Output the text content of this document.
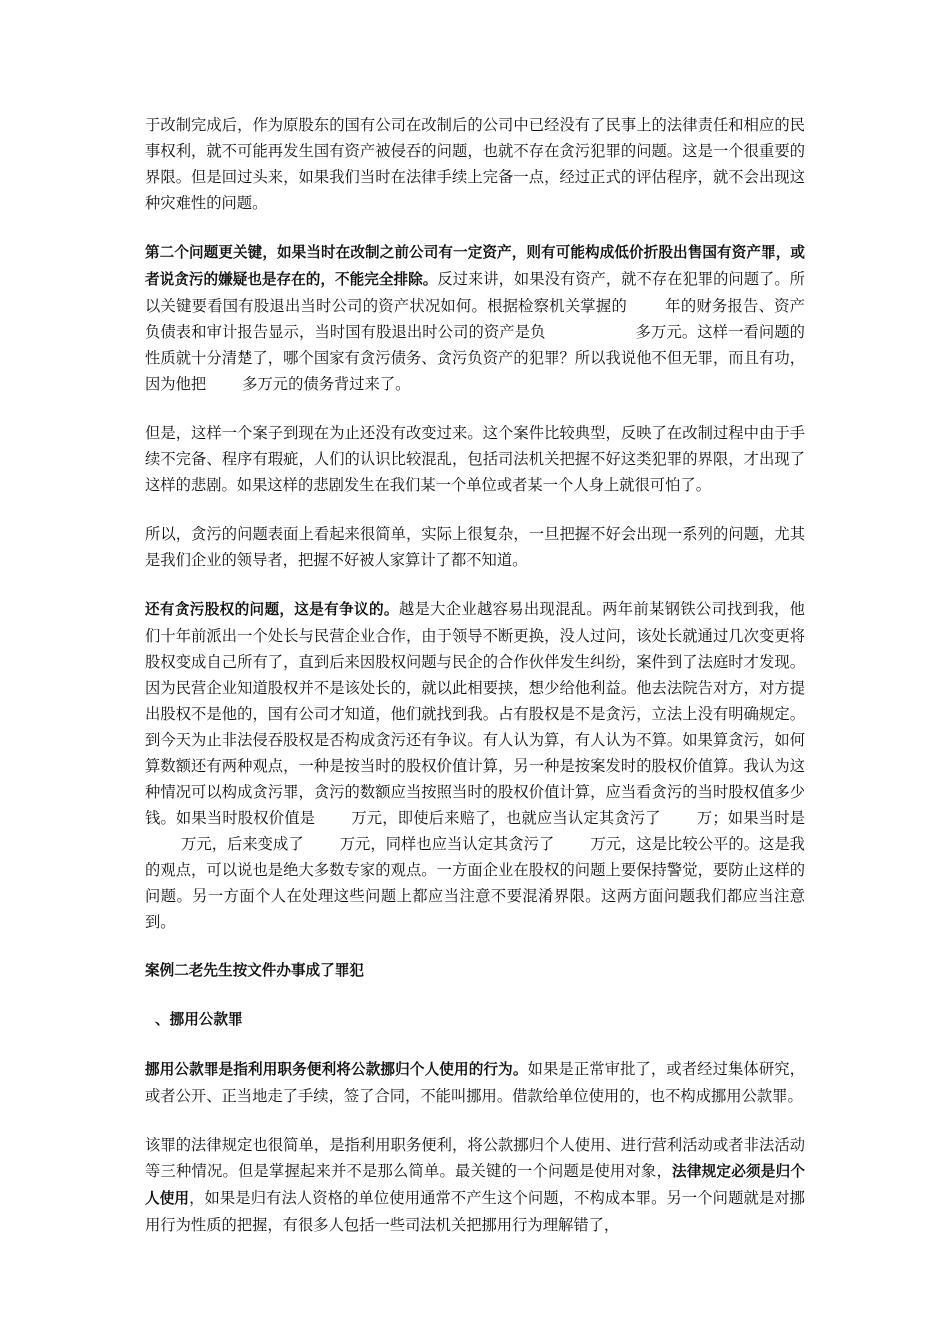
于改制完成后，作为原股东的国有公司在改制后的公司中已经没有了民事上的法律责任和相应的民事权利，就不可能再发生国有资产被侵吞的问题，也就不存在贪污犯罪的问题。这是一个很重要的界限。但是回过头来，如果我们当时在法律手续上完备一点，经过正式的评估程序，就不会出现这种灾难性的问题。

第二个问题更关键，如果当时在改制之前公司有一定资产，则有可能构成低价折股出售国有资产罪，或者说贪污的嫌疑也是存在的，不能完全排除。反过来讲，如果没有资产，就不存在犯罪的问题了。所以关键要看国有股退出当时公司的资产状况如何。根据检察机关掌握的 年的财务报告、资产负债表和审计报告显示，当时国有股退出时公司的资产是负	多万元。这样一看问题的性质就十分清楚了，哪个国家有贪污债务、贪污负资产的犯罪？所以我说他不但无罪，而且有功，因为他把 多万元的债务背过来了。

但是，这样一个案子到现在为止还没有改变过来。这个案件比较典型，反映了在改制过程中由于手续不完备、程序有瑕疵，人们的认识比较混乱，包括司法机关把握不好这类犯罪的界限，才出现了这样的悲剧。如果这样的悲剧发生在我们某一个单位或者某一个人身上就很可怕了。

所以，贪污的问题表面上看起来很简单，实际上很复杂，一旦把握不好会出现一系列的问题，尤其是我们企业的领导者，把握不好被人家算计了都不知道。

还有贪污股权的问题，这是有争议的。越是大企业越容易出现混乱。两年前某钢铁公司找到我，他们十年前派出一个处长与民营企业合作，由于领导不断更换，没人过问，该处长就通过几次变更将股权变成自己所有了，直到后来因股权问题与民企的合作伙伴发生纠纷，案件到了法庭时才发现。因为民营企业知道股权并不是该处长的，就以此相要挟，想少给他利益。他去法院告对方，对方提出股权不是他的，国有公司才知道，他们就找到我。占有股权是不是贪污，立法上没有明确规定。到今天为止非法侵吞股权是否构成贪污还有争议。有人认为算，有人认为不算。如果算贪污，如何算数额还有两种观点，一种是按当时的股权价值计算，另一种是按案发时的股权价值算。我认为这种情况可以构成贪污罪，贪污的数额应当按照当时的股权价值计算，应当看贪污的当时股权值多少钱。如果当时股权价值是 万元，即使后来赔了，也就应当认定其贪污了 万；如果当时是万元，后来变成了 万元，同样也应当认定其贪污了 万元，这是比较公平的。这是我的观点，可以说也是绝大多数专家的观点。一方面企业在股权的问题上要保持警觉，要防止这样的问题。另一方面个人在处理这些问题上都应当注意不要混淆界限。这两方面问题我们都应当注意到。

案例二老先生按文件办事成了罪犯

、挪用公款罪

挪用公款罪是指利用职务便利将公款挪归个人使用的行为。如果是正常审批了，或者经过集体研究，或者公开、正当地走了手续，签了合同，不能叫挪用。借款给单位使用的，也不构成挪用公款罪。

该罪的法律规定也很简单，是指利用职务便利，将公款挪归个人使用、进行营利活动或者非法活动等三种情况。但是掌握起来并不是那么简单。最关键的一个问题是使用对象，法律规定必须是归个人使用，如果是归有法人资格的单位使用通常不产生这个问题，不构成本罪。另一个问题就是对挪用行为性质的把握，有很多人包括一些司法机关把挪用行为理解错了，
